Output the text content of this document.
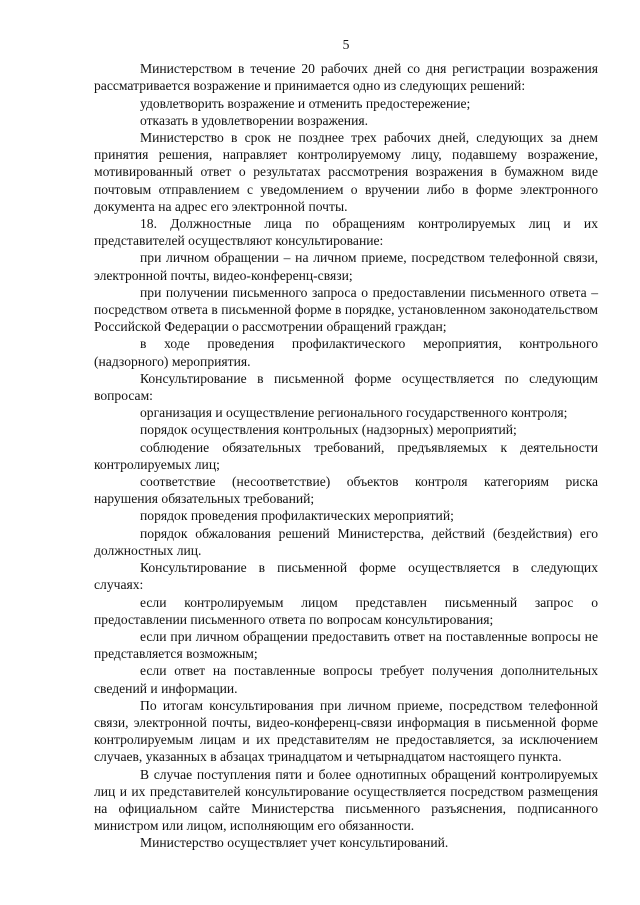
5

Министерством в течение 20 рабочих дней со дня регистрации возражения рассматривается возражение и принимается одно из следующих решений:

удовлетворить возражение и отменить предостережение;

отказать в удовлетворении возражения.

Министерство в срок не позднее трех рабочих дней, следующих за днем принятия решения, направляет контролируемому лицу, подавшему возражение, мотивированный ответ о результатах рассмотрения возражения в бумажном виде почтовым отправлением с уведомлением о вручении либо в форме электронного документа на адрес его электронной почты.

18. Должностные лица по обращениям контролируемых лиц и их представителей осуществляют консультирование:

при личном обращении – на личном приеме, посредством телефонной связи, электронной почты, видео-конференц-связи;

при получении письменного запроса о предоставлении письменного ответа – посредством ответа в письменной форме в порядке, установленном законодательством Российской Федерации о рассмотрении обращений граждан;

в ходе проведения профилактического мероприятия, контрольного (надзорного) мероприятия.

Консультирование в письменной форме осуществляется по следующим вопросам:

организация и осуществление регионального государственного контроля;

порядок осуществления контрольных (надзорных) мероприятий;

соблюдение обязательных требований, предъявляемых к деятельности контролируемых лиц;

соответствие (несоответствие) объектов контроля категориям риска нарушения обязательных требований;

порядок проведения профилактических мероприятий;

порядок обжалования решений Министерства, действий (бездействия) его должностных лиц.

Консультирование в письменной форме осуществляется в следующих случаях:

если контролируемым лицом представлен письменный запрос о предоставлении письменного ответа по вопросам консультирования;

если при личном обращении предоставить ответ на поставленные вопросы не представляется возможным;

если ответ на поставленные вопросы требует получения дополнительных сведений и информации.

По итогам консультирования при личном приеме, посредством телефонной связи, электронной почты, видео-конференц-связи информация в письменной форме контролируемым лицам и их представителям не предоставляется, за исключением случаев, указанных в абзацах тринадцатом и четырнадцатом настоящего пункта.

В случае поступления пяти и более однотипных обращений контролируемых лиц и их представителей консультирование осуществляется посредством размещения на официальном сайте Министерства письменного разъяснения, подписанного министром или лицом, исполняющим его обязанности.

Министерство осуществляет учет консультирований.
